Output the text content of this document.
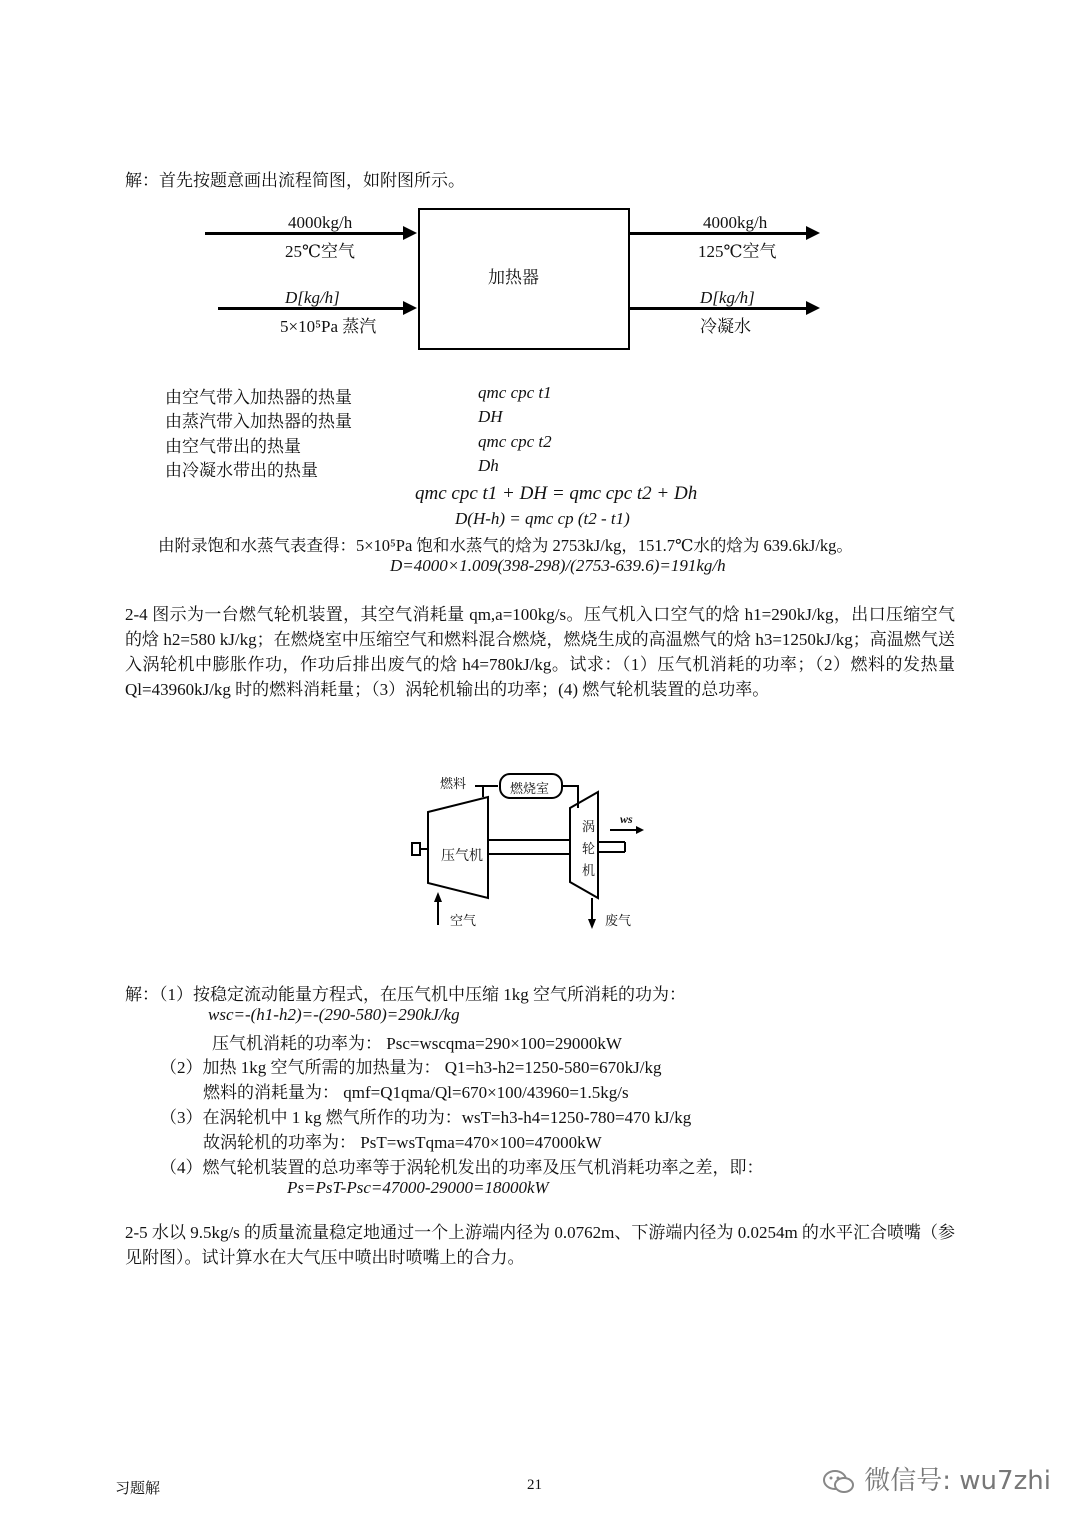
解：首先按题意画出流程简图，如附图所示。
加热器
4000kg/h
25℃空气
D[kg/h]
5×10⁵Pa 蒸汽
4000kg/h
125℃空气
D[kg/h]
冷凝水
由空气带入加热器的热量	qmc cpc t1
由蒸汽带入加热器的热量	DH
由空气带出的热量	qmc cpc t2
由冷凝水带出的热量	Dh
qmc cpc t1 + DH = qmc cpc t2 + Dh
D(H-h) = qmc cp (t2 - t1)
由附录饱和水蒸气表查得：5×10⁵Pa 饱和水蒸气的焓为 2753kJ/kg，151.7℃水的焓为 639.6kJ/kg。
D=4000×1.009(398-298)/(2753-639.6)=191kg/h
2-4 图示为一台燃气轮机装置，其空气消耗量 qm,a=100kg/s。压气机入口空气的焓 h1=290kJ/kg，出口压缩空气的焓 h2=580 kJ/kg；在燃烧室中压缩空气和燃料混合燃烧，燃烧生成的高温燃气的焓 h3=1250kJ/kg；高温燃气送入涡轮机中膨胀作功，作功后排出废气的焓 h4=780kJ/kg。试求：（1）压气机消耗的功率；（2）燃料的发热量 Ql=43960kJ/kg 时的燃料消耗量；（3）涡轮机输出的功率；(4) 燃气轮机装置的总功率。
燃料	燃烧室
压气机
涡
轮
机
ws
空气	废气
解：（1）按稳定流动能量方程式，在压气机中压缩 1kg 空气所消耗的功为：
wsc=-(h1-h2)=-(290-580)=290kJ/kg
压气机消耗的功率为： Psc=wscqma=290×100=29000kW
（2）加热 1kg 空气所需的加热量为： Q1=h3-h2=1250-580=670kJ/kg
燃料的消耗量为： qmf=Q1qma/Ql=670×100/43960=1.5kg/s
（3）在涡轮机中 1 kg 燃气所作的功为：wsT=h3-h4=1250-780=470 kJ/kg
故涡轮机的功率为： PsT=wsTqma=470×100=47000kW
（4）燃气轮机装置的总功率等于涡轮机发出的功率及压气机消耗功率之差，即：
Ps=PsT-Psc=47000-29000=18000kW
2-5 水以 9.5kg/s 的质量流量稳定地通过一个上游端内径为 0.0762m、下游端内径为 0.0254m 的水平汇合喷嘴（参见附图）。试计算水在大气压中喷出时喷嘴上的合力。
习题解	21	微信号: wu7zhi
